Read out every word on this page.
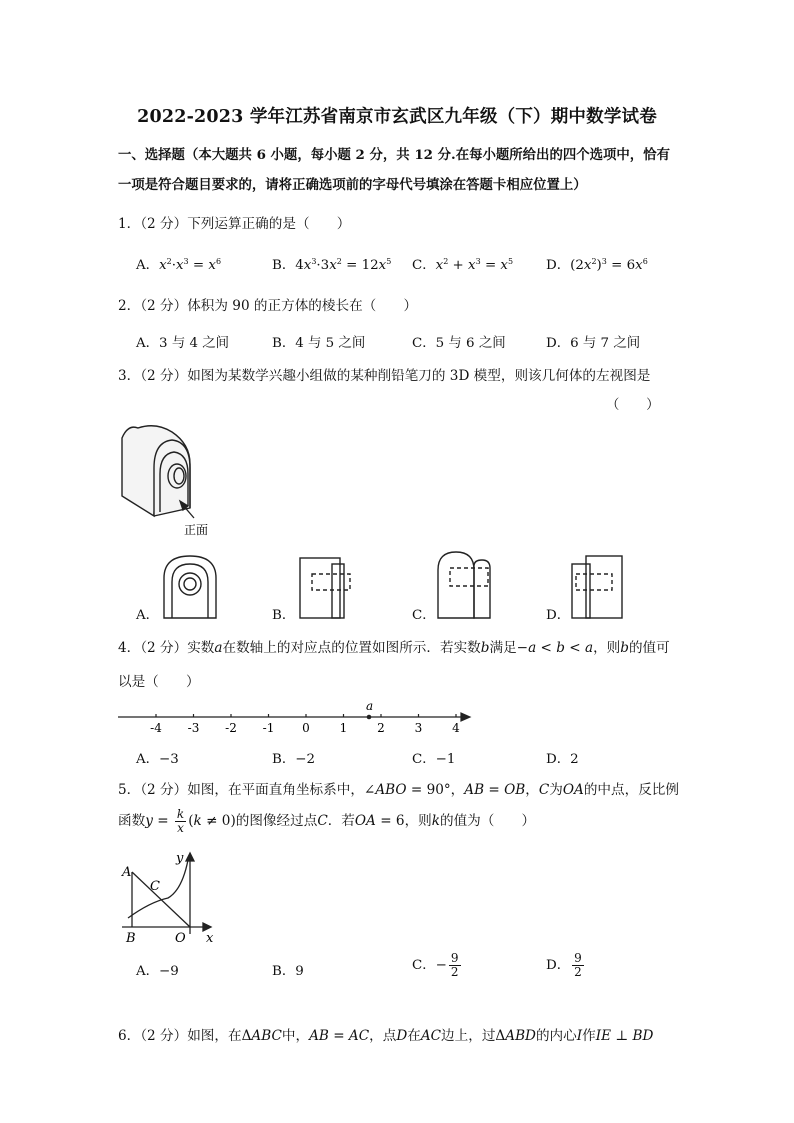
2022-2023 学年江苏省南京市玄武区九年级（下）期中数学试卷
一、选择题（本大题共 6 小题，每小题 2 分，共 12 分.在每小题所给出的四个选项中，恰有
一项是符合题目要求的，请将正确选项前的字母代号填涂在答题卡相应位置上）
1．（2 分）下列运算正确的是（　　）
A．$x^2\cdot x^3 = x^6$	B．$4x^3\cdot 3x^2 = 12x^5$ C．$x^2 + x^3 = x^5$ D．$(2x^2)^3 = 6x^6$
2．（2 分）体积为 90 的正方体的棱长在（　　）
A．3 与 4 之间	B．4 与 5 之间	C．5 与 6 之间	D．6 与 7 之间
3．（2 分）如图为某数学兴趣小组做的某种削铅笔刀的 3D 模型，则该几何体的左视图是
（　　）
正面
A．	B．	C．	D．
4．（2 分）实数a在数轴上的对应点的位置如图所示．若实数b满足−a < b < a，则b的值可
以是（　　）
-4 -3 -2 -1 0 1 2 3 4
a
A．−3	B．−2	C．−1	D．2
5．（2 分）如图，在平面直角坐标系中，∠ABO = 90°，AB = OB，C为OA的中点，反比例
函数$y = \frac{k}{x} (k \ne 0)$的图像经过点C．若OA = 6，则k的值为（　　）
A
C
y
B	O x
A．−9	B．9	C．− $\frac{9}{2}$	D． $\frac{9}{2}$
6．（2 分）如图，在ΔABC中，AB = AC，点D在AC边上，过ΔABD的内心I作IE ⊥ BD
